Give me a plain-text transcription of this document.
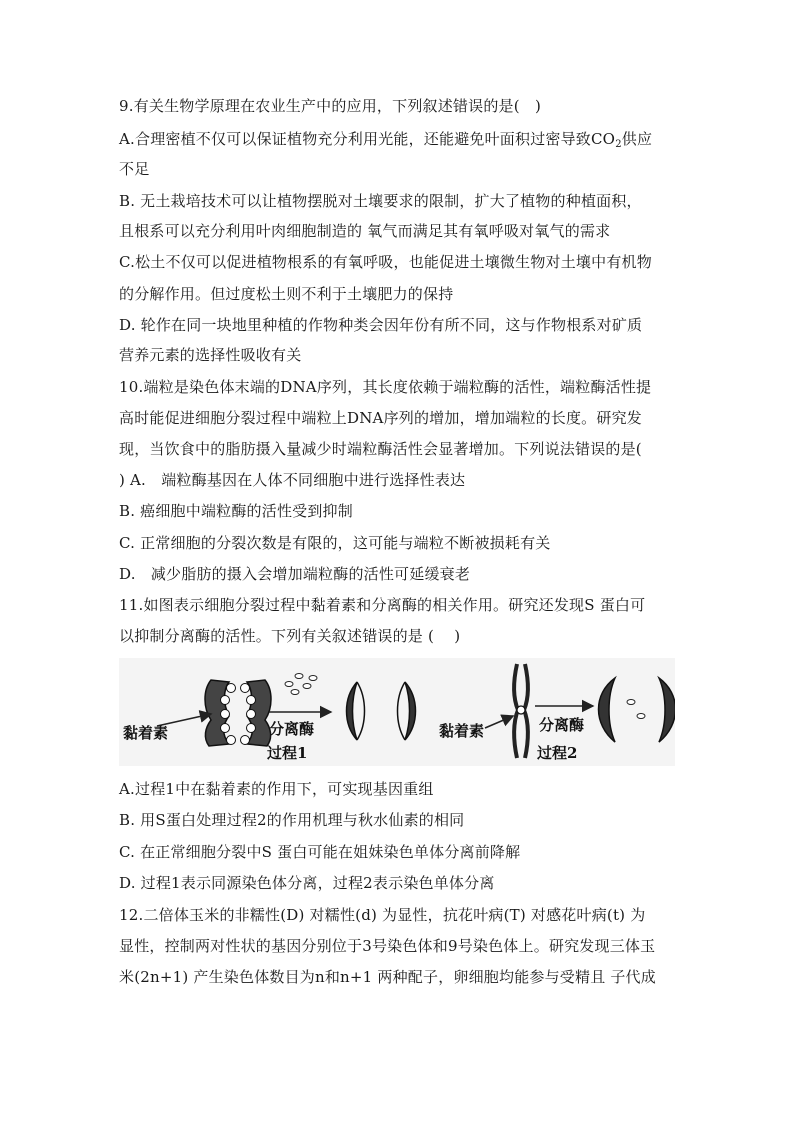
9.有关生物学原理在农业生产中的应用，下列叙述错误的是(　)
A.合理密植不仅可以保证植物充分利用光能，还能避免叶面积过密导致$CO_2$供应
不足
B. 无土栽培技术可以让植物摆脱对土壤要求的限制，扩大了植物的种植面积，
且根系可以充分利用叶肉细胞制造的 氧气而满足其有氧呼吸对氧气的需求
C.松土不仅可以促进植物根系的有氧呼吸，也能促进土壤微生物对土壤中有机物
的分解作用。但过度松土则不利于土壤肥力的保持
D. 轮作在同一块地里种植的作物种类会因年份有所不同，这与作物根系对矿质
营养元素的选择性吸收有关
10.端粒是染色体末端的DNA序列，其长度依赖于端粒酶的活性，端粒酶活性提
高时能促进细胞分裂过程中端粒上DNA序列的增加，增加端粒的长度。研究发
现，当饮食中的脂肪摄入量减少时端粒酶活性会显著增加。下列说法错误的是(
) A.　端粒酶基因在人体不同细胞中进行选择性表达
B. 癌细胞中端粒酶的活性受到抑制
C. 正常细胞的分裂次数是有限的，这可能与端粒不断被损耗有关
D.　减少脂肪的摄入会增加端粒酶的活性可延缓衰老
11.如图表示细胞分裂过程中黏着素和分离酶的相关作用。研究还发现S 蛋白可
以抑制分离酶的活性。下列有关叙述错误的是 (　 )
黏着素	分离酶
过程1
黏着素	分离酶
过程2
A.过程1中在黏着素的作用下，可实现基因重组
B. 用S蛋白处理过程2的作用机理与秋水仙素的相同
C. 在正常细胞分裂中S 蛋白可能在姐妹染色单体分离前降解
D. 过程1表示同源染色体分离，过程2表示染色单体分离
12.二倍体玉米的非糯性(D) 对糯性(d) 为显性，抗花叶病(T) 对感花叶病(t) 为
显性，控制两对性状的基因分别位于3号染色体和9号染色体上。研究发现三体玉
米(2n+1) 产生染色体数目为n和n+1 两种配子，卵细胞均能参与受精且 子代成
